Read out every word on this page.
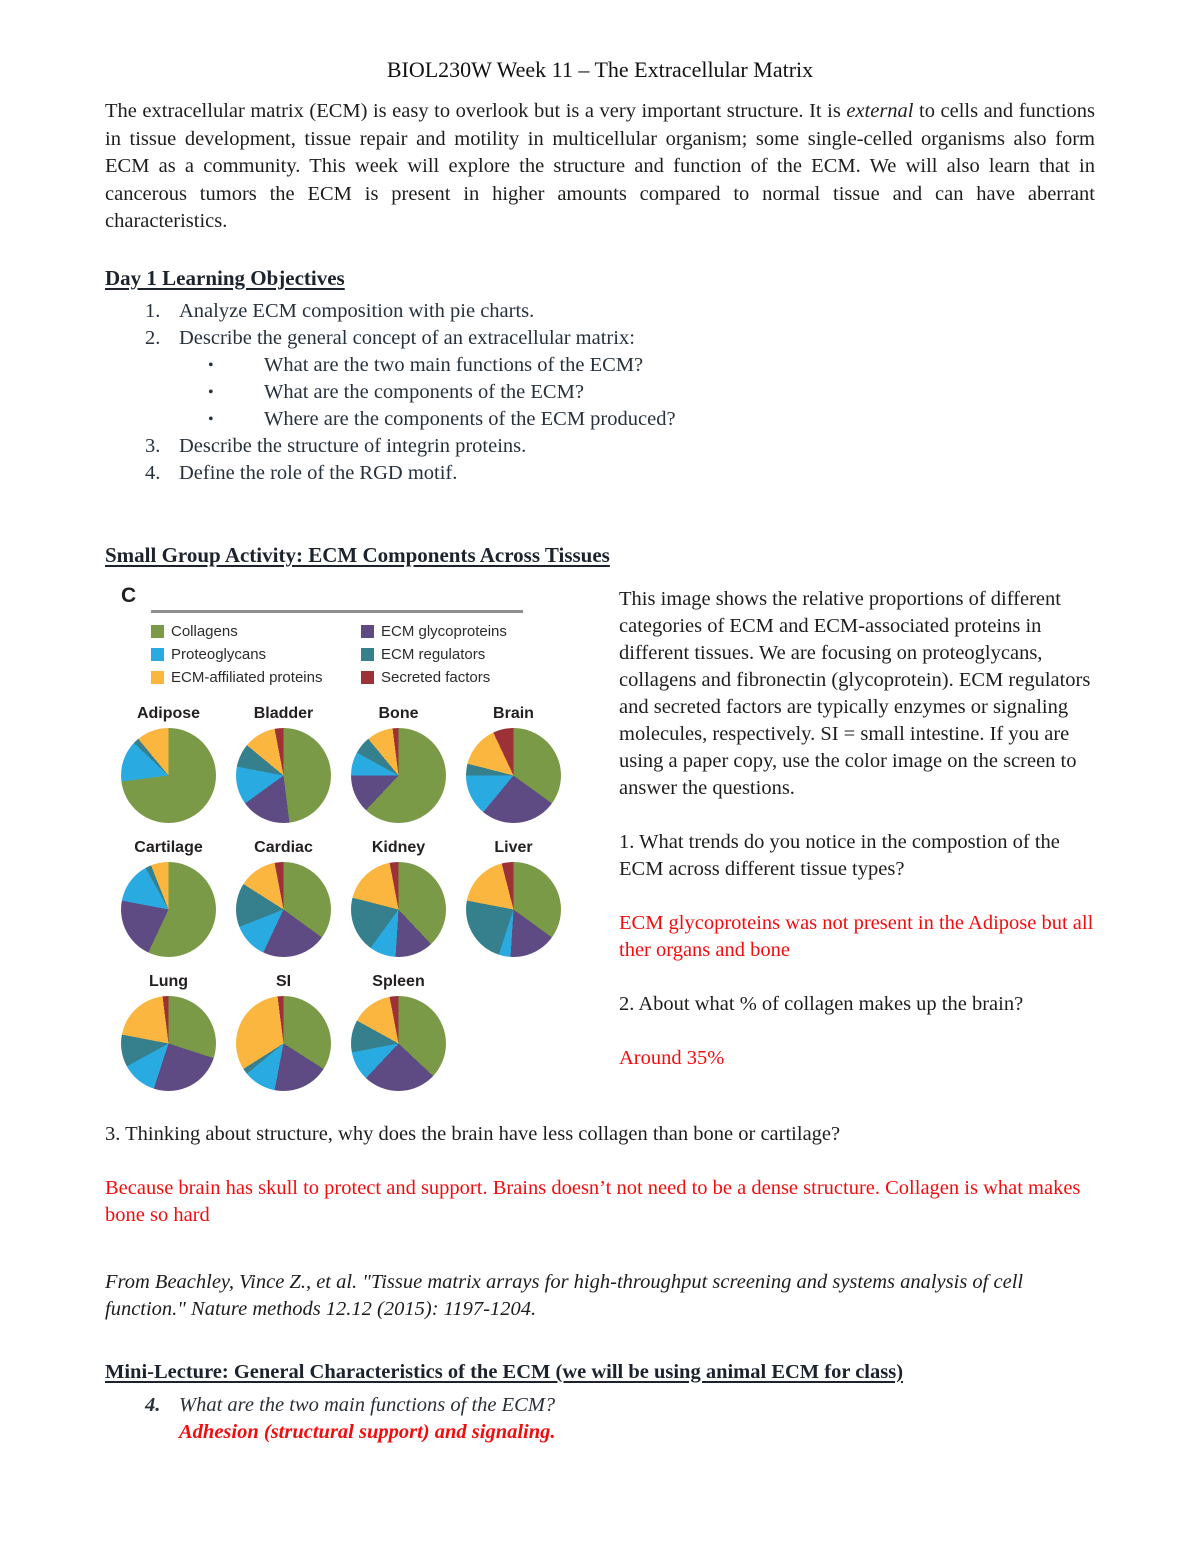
BIOL230W Week 11 – The Extracellular Matrix
The extracellular matrix (ECM) is easy to overlook but is a very important structure. It is external to cells and functions in tissue development, tissue repair and motility in multicellular organism; some single-celled organisms also form ECM as a community. This week will explore the structure and function of the ECM. We will also learn that in cancerous tumors the ECM is present in higher amounts compared to normal tissue and can have aberrant characteristics.
Day 1 Learning Objectives
1. Analyze ECM composition with pie charts.
2. Describe the general concept of an extracellular matrix:
• What are the two main functions of the ECM?
• What are the components of the ECM?
• Where are the components of the ECM produced?
3. Describe the structure of integrin proteins.
4. Define the role of the RGD motif.
Small Group Activity: ECM Components Across Tissues
C
Collagens
Proteoglycans
ECM-affiliated proteins
ECM glycoproteins
ECM regulators
Secreted factors
Adipose	Bladder	Bone	Brain
Cartilage	Cardiac	Kidney	Liver
Lung	SI	Spleen
This image shows the relative proportions of different categories of ECM and ECM-associated proteins in different tissues. We are focusing on proteoglycans, collagens and fibronectin (glycoprotein). ECM regulators and secreted factors are typically enzymes or signaling molecules, respectively. SI = small intestine. If you are using a paper copy, use the color image on the screen to answer the questions.
1. What trends do you notice in the compostion of the ECM across different tissue types?
ECM glycoproteins was not present in the Adipose but all ther organs and bone
2. About what % of collagen makes up the brain?
Around 35%
3. Thinking about structure, why does the brain have less collagen than bone or cartilage?
Because brain has skull to protect and support. Brains doesn’t not need to be a dense structure. Collagen is what makes bone so hard
From Beachley, Vince Z., et al. "Tissue matrix arrays for high-throughput screening and systems analysis of cell function." Nature methods 12.12 (2015): 1197-1204.
Mini-Lecture: General Characteristics of the ECM (we will be using animal ECM for class)
4. What are the two main functions of the ECM?
Adhesion (structural support) and signaling.
